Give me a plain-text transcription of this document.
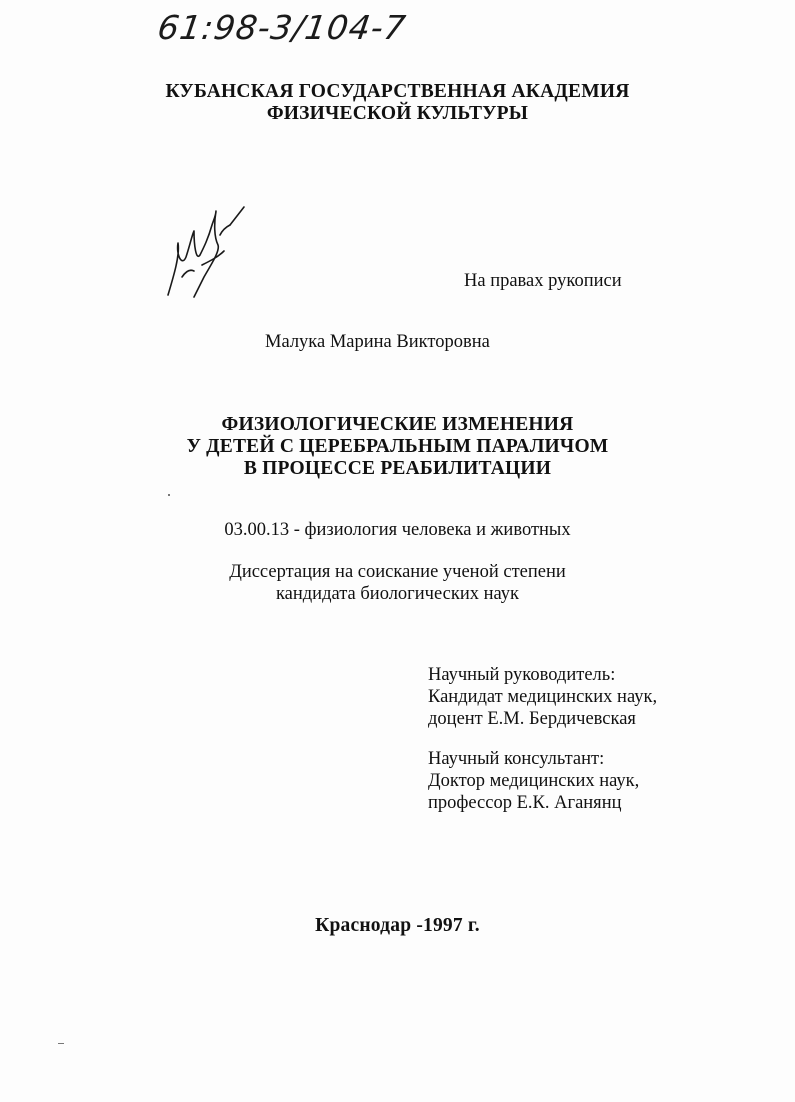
61:98-3/104-7
КУБАНСКАЯ ГОСУДАРСТВЕННАЯ АКАДЕМИЯ
ФИЗИЧЕСКОЙ КУЛЬТУРЫ
На правах рукописи
Малука Марина Викторовна
ФИЗИОЛОГИЧЕСКИЕ ИЗМЕНЕНИЯ
У ДЕТЕЙ С ЦЕРЕБРАЛЬНЫМ ПАРАЛИЧОМ
В ПРОЦЕССЕ РЕАБИЛИТАЦИИ
03.00.13 - физиология человека и животных
Диссертация на соискание ученой степени
кандидата биологических наук
Научный руководитель:
Кандидат медицинских наук,
доцент Е.М. Бердичевская
Научный консультант:
Доктор медицинских наук,
профессор Е.К. Аганянц
Краснодар -1997 г.
